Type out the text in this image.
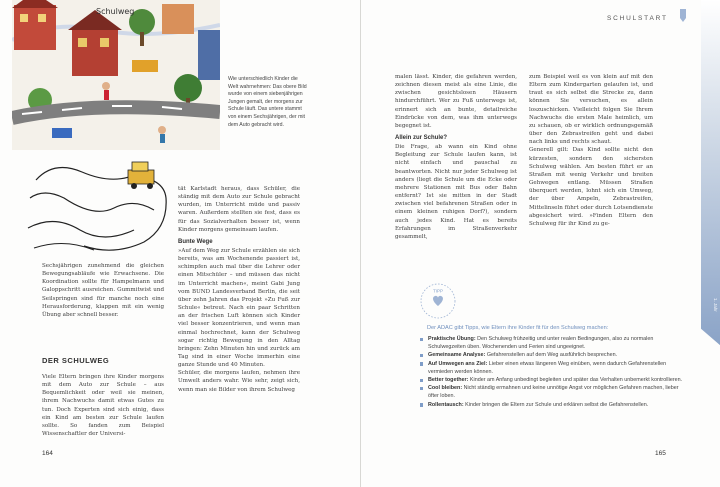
Schulweg
Wie unterschiedlich Kinder die Welt wahrnehmen: Das obere Bild wurde von einem siebenjährigen Jungen gemalt, der morgens zur Schule läuft. Das untere stammt von einem Sechsjährigen, der mit dem Auto gebracht wird.

Sechsjährigen zunehmend die gleichen Bewegungsabläufe wie Erwachsene. Die Koordination sollte für Hampelmann und Galoppschritt ausreichen. Gummitwist und Seilspringen sind für manche noch eine Herausforderung, klappen mit ein wenig Übung aber schnell besser.

DER SCHULWEG

Viele Eltern bringen ihre Kinder morgens mit dem Auto zur Schule – aus Bequemlichkeit oder weil sie meinen, ihrem Nachwuchs damit etwas Gutes zu tun. Doch Experten sind sich einig, dass ein Kind am besten zur Schule laufen sollte. So fanden zum Beispiel Wissenschaftler der Universi-

tät Karlstadt heraus, dass Schüler, die ständig mit dem Auto zur Schule gebracht wurden, im Unterricht müde und passiv waren. Außerdem stellten sie fest, dass es für das Sozialverhalten besser ist, wenn Kinder morgens gemeinsam laufen.

Bunte Wege

»Auf dem Weg zur Schule erzählen sie sich bereits, was am Wochenende passiert ist, schimpfen auch mal über die Lehrer oder einen Mitschüler – und müssen das nicht im Unterricht machen«, meint Gabi Jung vom BUND Landesverband Berlin, die seit über zehn Jahren das Projekt »Zu Fuß zur Schule« betreut. Nach ein paar Schritten an der frischen Luft können sich Kinder viel besser konzentrieren, und wenn man einmal hochrechnet, kann der Schulweg sogar richtig Bewegung in den Alltag bringen: Zehn Minuten hin und zurück am Tag sind in einer Woche immerhin eine ganze Stunde und 40 Minuten.

Schüler, die morgens laufen, nehmen ihre Umwelt anders wahr. Wie sehr, zeigt sich, wenn man sie Bilder von ihrem Schulweg

164
SCHULSTART
1. Jahr

malen lässt. Kinder, die gefahren werden, zeichnen diesen meist als eine Linie, die zwischen gesichtslosen Häusern hindurchführt. Wer zu Fuß unterwegs ist, erinnert sich an bunte, detailreiche Eindrücke von dem, was ihm unterwegs begegnet ist.

Allein zur Schule?

Die Frage, ab wann ein Kind ohne Begleitung zur Schule laufen kann, ist nicht einfach und pauschal zu beantworten. Nicht nur jeder Schulweg ist anders (liegt die Schule um die Ecke oder mehrere Stationen mit Bus oder Bahn entfernt? Ist sie mitten in der Stadt zwischen viel befahrenen Straßen oder in einem kleinen ruhigen Dorf?), sondern auch jedes Kind. Hat es bereits Erfahrungen im Straßenverkehr gesammelt,

zum Beispiel weil es von klein auf mit den Eltern zum Kindergarten gelaufen ist, und traut es sich selbst die Strecke zu, dann können Sie versuchen, es allein loszuschicken. Vielleicht folgen Sie Ihrem Nachwuchs die ersten Male heimlich, um zu schauen, ob er wirklich ordnungsgemäß über den Zebrastreifen geht und dabei nach links und rechts schaut.

Generell gilt: Das Kind sollte nicht den kürzesten, sondern den sichersten Schulweg wählen. Am besten führt er an Straßen mit wenig Verkehr und breiten Gehwegen entlang. Müssen Straßen überquert werden, lohnt sich ein Umweg, der über Ampeln, Zebrastreifen, Mittelinseln führt oder durch Lotsendienste abgesichert wird. »Finden Eltern den Schulweg für ihr Kind zu ge-

TIPP
Der ADAC gibt Tipps, wie Eltern ihre Kinder fit für den Schulweg machen:
Praktische Übung: Den Schulweg frühzeitig und unter realen Bedingungen, also zu normalen Schulwegzeiten üben. Wochenenden und Ferien sind ungeeignet.
Gemeinsame Analyse: Gefahrenstellen auf dem Weg ausführlich besprechen.
Auf Umwegen ans Ziel: Lieber einen etwas längeren Weg einüben, wenn dadurch Gefahrenstellen vermieden werden können.
Better together: Kinder am Anfang unbedingt begleiten und später das Verhalten unbemerkt kontrollieren.
Cool bleiben: Nicht ständig ermahnen und keine unnötige Angst vor möglichen Gefahren machen, lieber öfter loben.
Rollentausch: Kinder bringen die Eltern zur Schule und erklären selbst die Gefahrenstellen.
165
